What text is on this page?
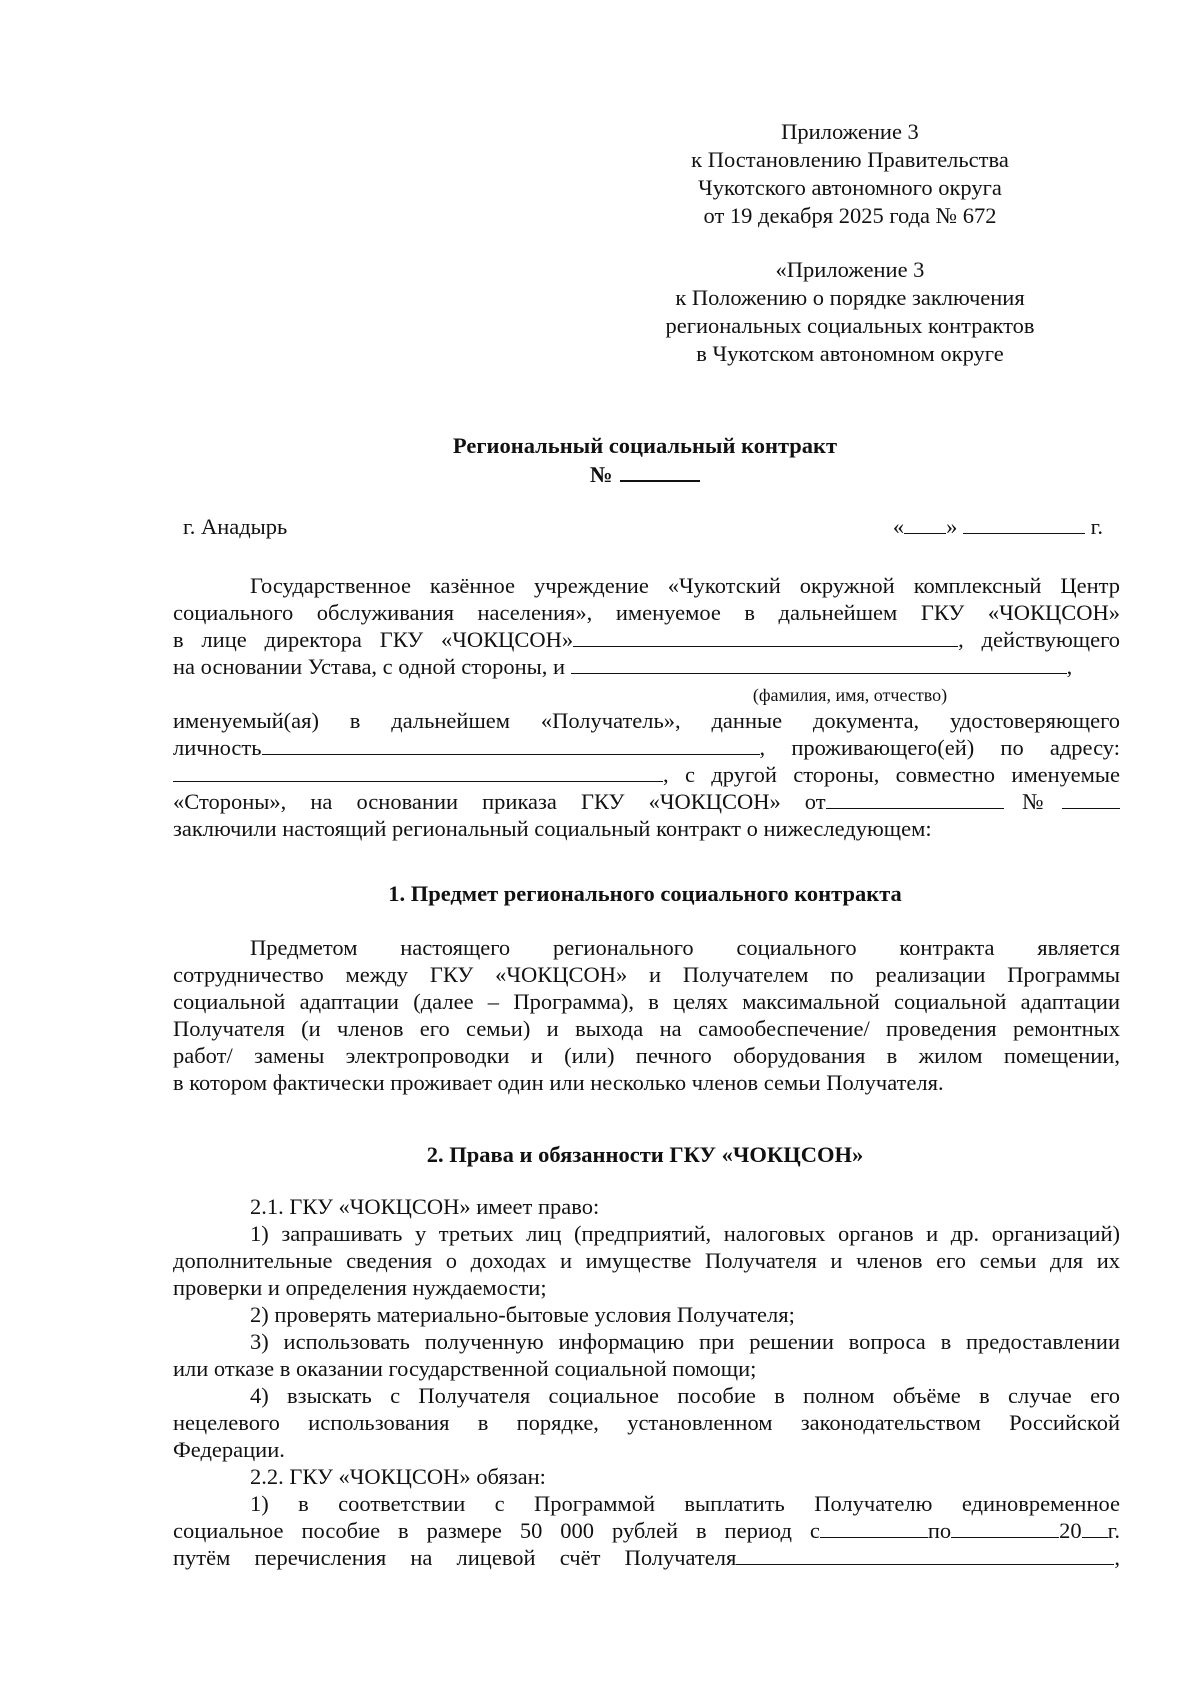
Приложение 3
к Постановлению Правительства
Чукотского автономного округа
от 19 декабря 2025 года № 672
«Приложение 3
к Положению о порядке заключения
региональных социальных контрактов
в Чукотском автономном округе
Региональный социальный контракт
№
г. Анадырь	« »	г.
Государственное казённое учреждение «Чукотский окружной комплексный Центр
социального обслуживания населения», именуемое в дальнейшем ГКУ «ЧОКЦСОН»
в лице директора ГКУ «ЧОКЦСОН»	, действующего
на основании Устава, с одной стороны, и	,
(фамилия, имя, отчество)
именуемый(ая) в дальнейшем «Получатель», данные документа, удостоверяющего
личность	, проживающего(ей) по адресу:
, с другой стороны, совместно именуемые
«Стороны», на основании приказа ГКУ «ЧОКЦСОН» от	№
заключили настоящий региональный социальный контракт о нижеследующем:
1. Предмет регионального социального контракта
Предметом настоящего регионального социального контракта является
сотрудничество между ГКУ «ЧОКЦСОН» и Получателем по реализации Программы
социальной адаптации (далее – Программа), в целях максимальной социальной адаптации
Получателя (и членов его семьи) и выхода на самообеспечение/ проведения ремонтных
работ/ замены электропроводки и (или) печного оборудования в жилом помещении,
в котором фактически проживает один или несколько членов семьи Получателя.
2. Права и обязанности ГКУ «ЧОКЦСОН»
2.1. ГКУ «ЧОКЦСОН» имеет право:
1) запрашивать у третьих лиц (предприятий, налоговых органов и др. организаций)
дополнительные сведения о доходах и имуществе Получателя и членов его семьи для их
проверки и определения нуждаемости;
2) проверять материально-бытовые условия Получателя;
3) использовать полученную информацию при решении вопроса в предоставлении
или отказе в оказании государственной социальной помощи;
4) взыскать с Получателя социальное пособие в полном объёме в случае его
нецелевого использования в порядке, установленном законодательством Российской
Федерации.
2.2. ГКУ «ЧОКЦСОН» обязан:
1) в соответствии с Программой выплатить Получателю единовременное
социальное пособие в размере 50 000 рублей в период с	по	20 г.
путём перечисления на лицевой счёт Получателя	,
